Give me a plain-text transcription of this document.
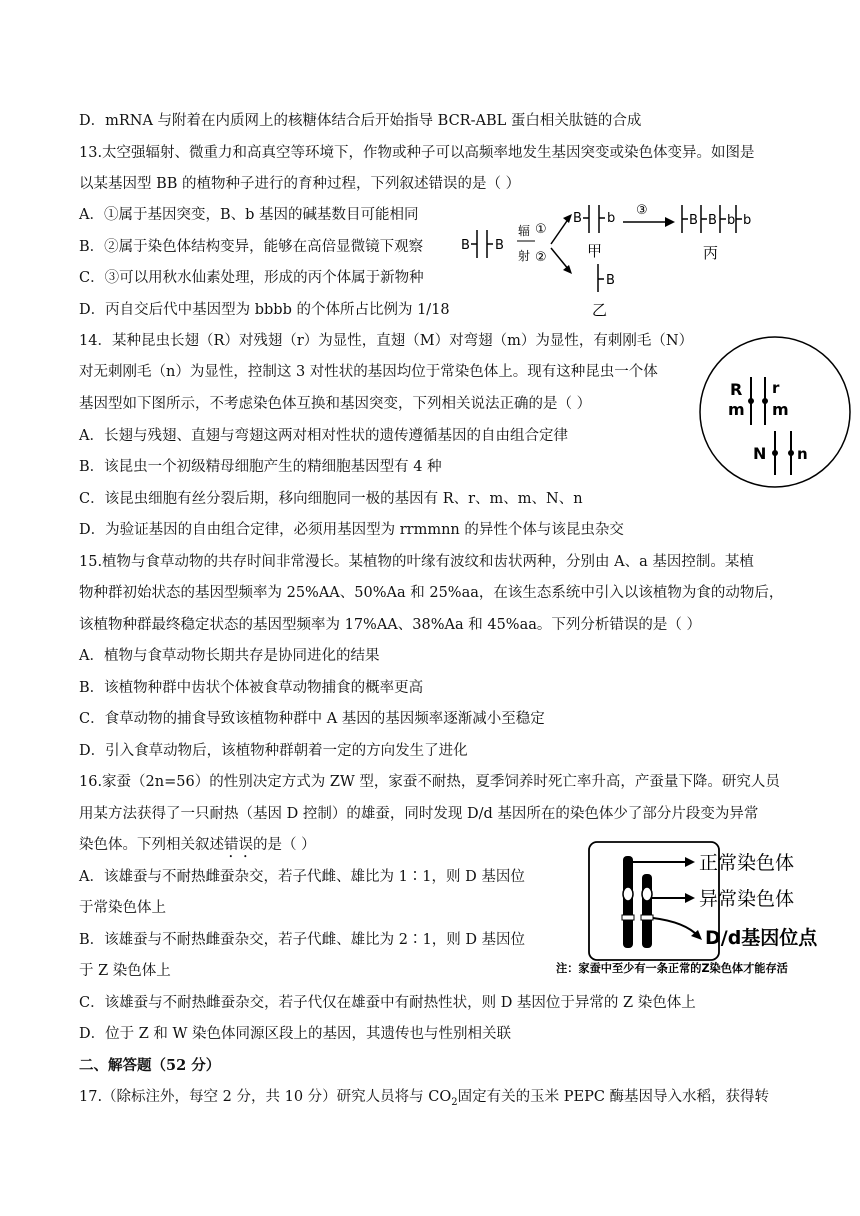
D．mRNA 与附着在内质网上的核糖体结合后开始指导 BCR-ABL 蛋白相关肽链的合成
13.太空强辐射、微重力和高真空等环境下，作物或种子可以高频率地发生基因突变或染色体变异。如图是
以某基因型 BB 的植物种子进行的育种过程，下列叙述错误的是（ ）
A．①属于基因突变，B、b 基因的碱基数目可能相同
B．②属于染色体结构变异，能够在高倍显微镜下观察
C．③可以用秋水仙素处理，形成的丙个体属于新物种
D．丙自交后代中基因型为 bbbb 的个体所占比例为 1/18
B B
辐
射
①
②
B b
甲
③
B B b b
丙
B
乙
14．某种昆虫长翅（R）对残翅（r）为显性，直翅（M）对弯翅（m）为显性，有刺刚毛（N）
对无刺刚毛（n）为显性，控制这 3 对性状的基因均位于常染色体上。现有这种昆虫一个体
基因型如下图所示，不考虑染色体互换和基因突变，下列相关说法正确的是（ ）
A．长翅与残翅、直翅与弯翅这两对相对性状的遗传遵循基因的自由组合定律
B．该昆虫一个初级精母细胞产生的精细胞基因型有 4 种
C．该昆虫细胞有丝分裂后期，移向细胞同一极的基因有 R、r、m、m、N、n
D．为验证基因的自由组合定律，必须用基因型为 rrmmnn 的异性个体与该昆虫杂交
R r
m m
N n
15.植物与食草动物的共存时间非常漫长。某植物的叶缘有波纹和齿状两种，分别由 A、a 基因控制。某植
物种群初始状态的基因型频率为 25%AA、50%Aa 和 25%aa，在该生态系统中引入以该植物为食的动物后，
该植物种群最终稳定状态的基因型频率为 17%AA、38%Aa 和 45%aa。下列分析错误的是（ ）
A．植物与食草动物长期共存是协同进化的结果
B．该植物种群中齿状个体被食草动物捕食的概率更高
C．食草动物的捕食导致该植物种群中 A 基因的基因频率逐渐减小至稳定
D．引入食草动物后，该植物种群朝着一定的方向发生了进化
16.家蚕（2n=56）的性别决定方式为 ZW 型，家蚕不耐热，夏季饲养时死亡率升高，产蚕量下降。研究人员
用某方法获得了一只耐热（基因 D 控制）的雄蚕，同时发现 D/d 基因所在的染色体少了部分片段变为异常
染色体。下列相关叙述错误的是（ ）
A．该雄蚕与不耐热雌蚕杂交，若子代雌、雄比为 1∶1，则 D 基因位
于常染色体上
B．该雄蚕与不耐热雌蚕杂交，若子代雌、雄比为 2∶1，则 D 基因位
于 Z 染色体上
C．该雄蚕与不耐热雌蚕杂交，若子代仅在雄蚕中有耐热性状，则 D 基因位于异常的 Z 染色体上
D．位于 Z 和 W 染色体同源区段上的基因，其遗传也与性别相关联
正常染色体
异常染色体
D/d基因位点
注：家蚕中至少有一条正常的Z染色体才能存活
二、解答题（52 分）
17.（除标注外，每空 2 分，共 10 分）研究人员将与 $CO_2$固定有关的玉米 PEPC 酶基因导入水稻，获得转
